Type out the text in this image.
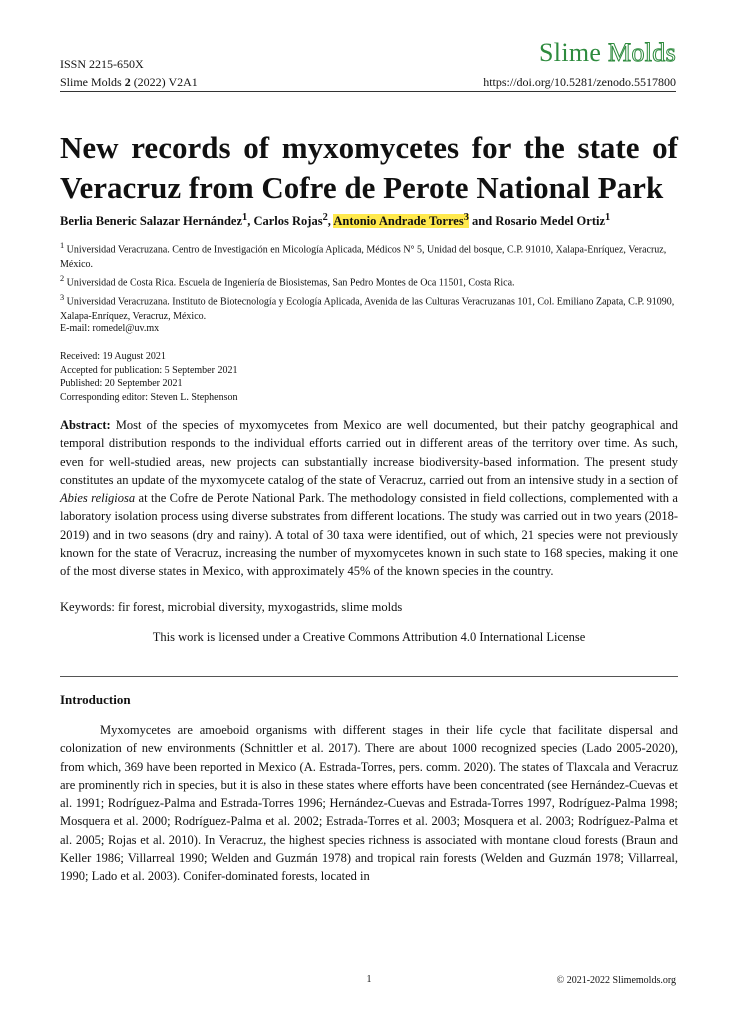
ISSN 2215-650X	Slime Molds
Slime Molds 2 (2022) V2A1	https://doi.org/10.5281/zenodo.5517800
New records of myxomycetes for the state of Veracruz from Cofre de Perote National Park
Berlia Beneric Salazar Hernández$^1$, Carlos Rojas$^2$, Antonio Andrade Torres$^3$ and Rosario Medel Ortiz$^1$

$^1$ Universidad Veracruzana. Centro de Investigación en Micología Aplicada, Médicos N° 5, Unidad del bosque, C.P. 91010, Xalapa-Enríquez, Veracruz, México.

$^2$ Universidad de Costa Rica. Escuela de Ingeniería de Biosistemas, San Pedro Montes de Oca 11501, Costa Rica.

$^3$ Universidad Veracruzana. Instituto de Biotecnología y Ecología Aplicada, Avenida de las Culturas Veracruzanas 101, Col. Emiliano Zapata, C.P. 91090, Xalapa-Enríquez, Veracruz, México.

E-mail: romedel@uv.mx

Received: 19 August 2021

Accepted for publication: 5 September 2021

Published: 20 September 2021

Corresponding editor: Steven L. Stephenson

Abstract: Most of the species of myxomycetes from Mexico are well documented, but their patchy geographical and temporal distribution responds to the individual efforts carried out in different areas of the territory over time. As such, even for well-studied areas, new projects can substantially increase biodiversity-based information. The present study constitutes an update of the myxomycete catalog of the state of Veracruz, carried out from an intensive study in a section of Abies religiosa at the Cofre de Perote National Park. The methodology consisted in field collections, complemented with a laboratory isolation process using diverse substrates from different locations. The study was carried out in two years (2018-2019) and in two seasons (dry and rainy). A total of 30 taxa were identified, out of which, 21 species were not previously known for the state of Veracruz, increasing the number of myxomycetes known in such state to 168 species, making it one of the most diverse states in Mexico, with approximately 45% of the known species in the country.
Keywords: fir forest, microbial diversity, myxogastrids, slime molds
This work is licensed under a Creative Commons Attribution 4.0 International License
Introduction

Myxomycetes are amoeboid organisms with different stages in their life cycle that facilitate dispersal and colonization of new environments (Schnittler et al. 2017). There are about 1000 recognized species (Lado 2005-2020), from which, 369 have been reported in Mexico (A. Estrada-Torres, pers. comm. 2020). The states of Tlaxcala and Veracruz are prominently rich in species, but it is also in these states where efforts have been concentrated (see Hernández-Cuevas et al. 1991; Rodríguez-Palma and Estrada-Torres 1996; Hernández-Cuevas and Estrada-Torres 1997, Rodríguez-Palma 1998; Mosquera et al. 2000; Rodríguez-Palma et al. 2002; Estrada-Torres et al. 2003; Mosquera et al. 2003; Rodríguez-Palma et al. 2005; Rojas et al. 2010). In Veracruz, the highest species richness is associated with montane cloud forests (Braun and Keller 1986; Villarreal 1990; Welden and Guzmán 1978) and tropical rain forests (Welden and Guzmán 1978; Villarreal, 1990; Lado et al. 2003). Conifer-dominated forests, located in

1	© 2021-2022 Slimemolds.org
